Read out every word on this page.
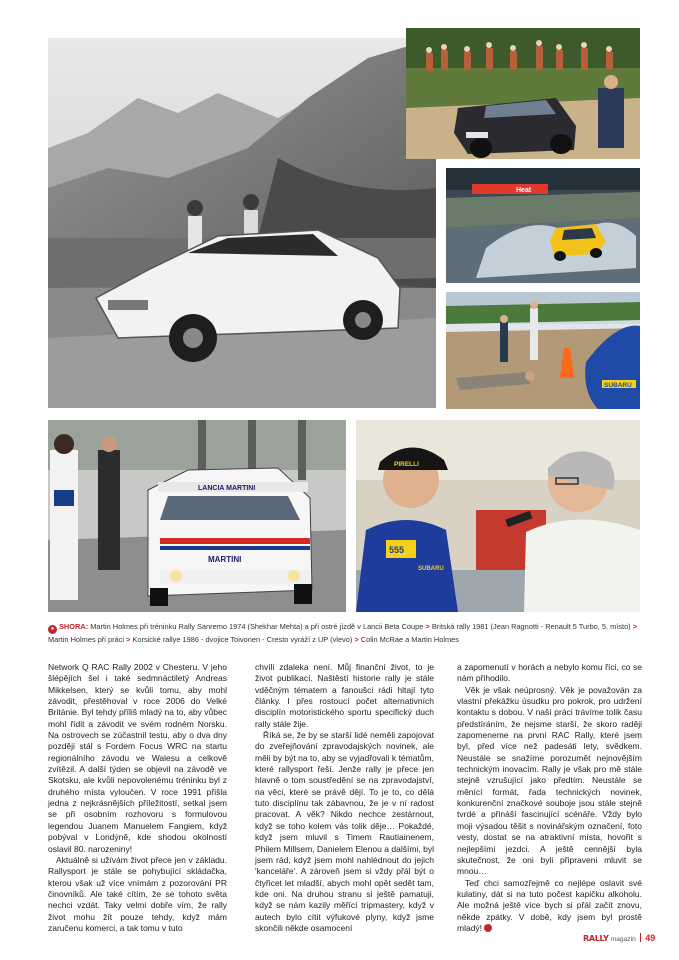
Heat
SUBARU
LANCIA MARTINI
MARTINI
PIRELLI
555
SUBARU
● SHORA: Martin Holmes při tréninku Rally Sanremo 1974 (Shekhar Mehta) a při ostré jízdě v Lancii Beta Coupe > Britská rally 1981 (Jean Ragnotti - Renault 5 Turbo, 5. místo) > Martin Holmes při práci > Korsické rallye 1986 - dvojice Toivonen - Cresto vyráží z UP (vlevo) > Colin McRae a Martin Holmes

Network Q RAC Rally 2002 v Chesteru. V jeho šlépějích šel i také sedmnáctiletý Andreas Mikkelsen, který se kvůli tomu, aby mohl závodit, přestěhoval v roce 2006 do Velké Británie. Byl tehdy příliš mladý na to, aby vůbec mohl řídit a závodit ve svém rodném Norsku. Na ostrovech se zúčastnil testu, aby o dva dny později stál s Fordem Focus WRC na startu regionálního závodu ve Walesu a celkově zvítězil. A další týden se objevil na závodě ve Skotsku, ale kvůli nepovolenému tréninku byl z druhého místa vyloučen. V roce 1991 přišla jedna z nejkrásnějších příležitostí, setkal jsem se při osobním rozhovoru s formulovou legendou Juanem Manuelem Fangiem, když pobýval v Londýně, kde shodou okolností oslavil 80. narozeniny!

Aktuálně si užívám život přece jen v základu. Rallysport je stále se pohybující skládačka, kterou však už více vnímám z pozorování PR činovníků. Ale také cítím, že se tohoto světa nechci vzdát. Taky velmi dobře vím, že rally život mohu žít pouze tehdy, když mám zaručenu komerci, a tak tomu v tuto

chvíli zdaleka není. Můj finanční život, to je život publikací. Naštěstí historie rally je stále vděčným tématem a fanoušci rádi hltají tyto články. I přes rostoucí počet alternativních disciplín motoristického sportu specifický duch rally stále žije.

Říká se, že by se starší lidé neměli zapojovat do zveřejňování zpravodajských novinek, ale měli by být na to, aby se vyjadřovali k tématům, které rallysport řeší. Jenže rally je přece jen hlavně o tom soustředění se na zpravodajství, na věci, které se právě dějí. To je to, co dělá tuto disciplínu tak zábavnou, že je v ní radost pracovat. A věk? Nikdo nechce zestárnout, když se toho kolem vás tolik děje… Pokaždé, když jsem mluvil s Timem Rautiainenem, Philem Millsem, Danielem Elenou a dalšími, byl jsem rád, když jsem mohl nahlédnout do jejich 'kanceláře'. A zároveň jsem si vždy přál být o čtyřicet let mladší, abych mohl opět sedět tam, kde oni. Na druhou stranu si ještě pamatuji, když se nám kazily měřící tripmastery, když v autech bylo cítit výfukové plyny, když jsme skončili někde osamocení

a zapomenutí v horách a nebylo komu říci, co se nám přihodilo.

Věk je však neúprosný. Věk je považován za vlastní překážku úsudku pro pokrok, pro udržení kontaktu s dobou. V naší práci trávíme tolik času předstíráním, že nejsme starší, že skoro raději zapomeneme na první RAC Rally, které jsem byl, před více než padesáti lety, svědkem. Neustále se snažíme porozumět nejnovějším technickým inovacím. Rally je však pro mě stále stejně vzrušující jako předtím. Neustále se měnící formát, řada technických novinek, konkurenční značkové souboje jsou stále stejně tvrdé a přináší fascinující scénáře. Vždy bylo moji výsadou těšit s novinářským označení, foto vesty, dostat se na atraktivní místa, hovořit s nejlepšími jezdci. A ještě cennější byla skutečnost, že oni byli připraveni mluvit se mnou…

Teď chci samozřejmě co nejlépe oslavit své kulatiny, dát si na tuto počest kapičku alkoholu. Ale možná ještě více bych si přál začít znovu, někde zpátky. V době, kdy jsem byl prostě mladý!

RALLY magazín 49
